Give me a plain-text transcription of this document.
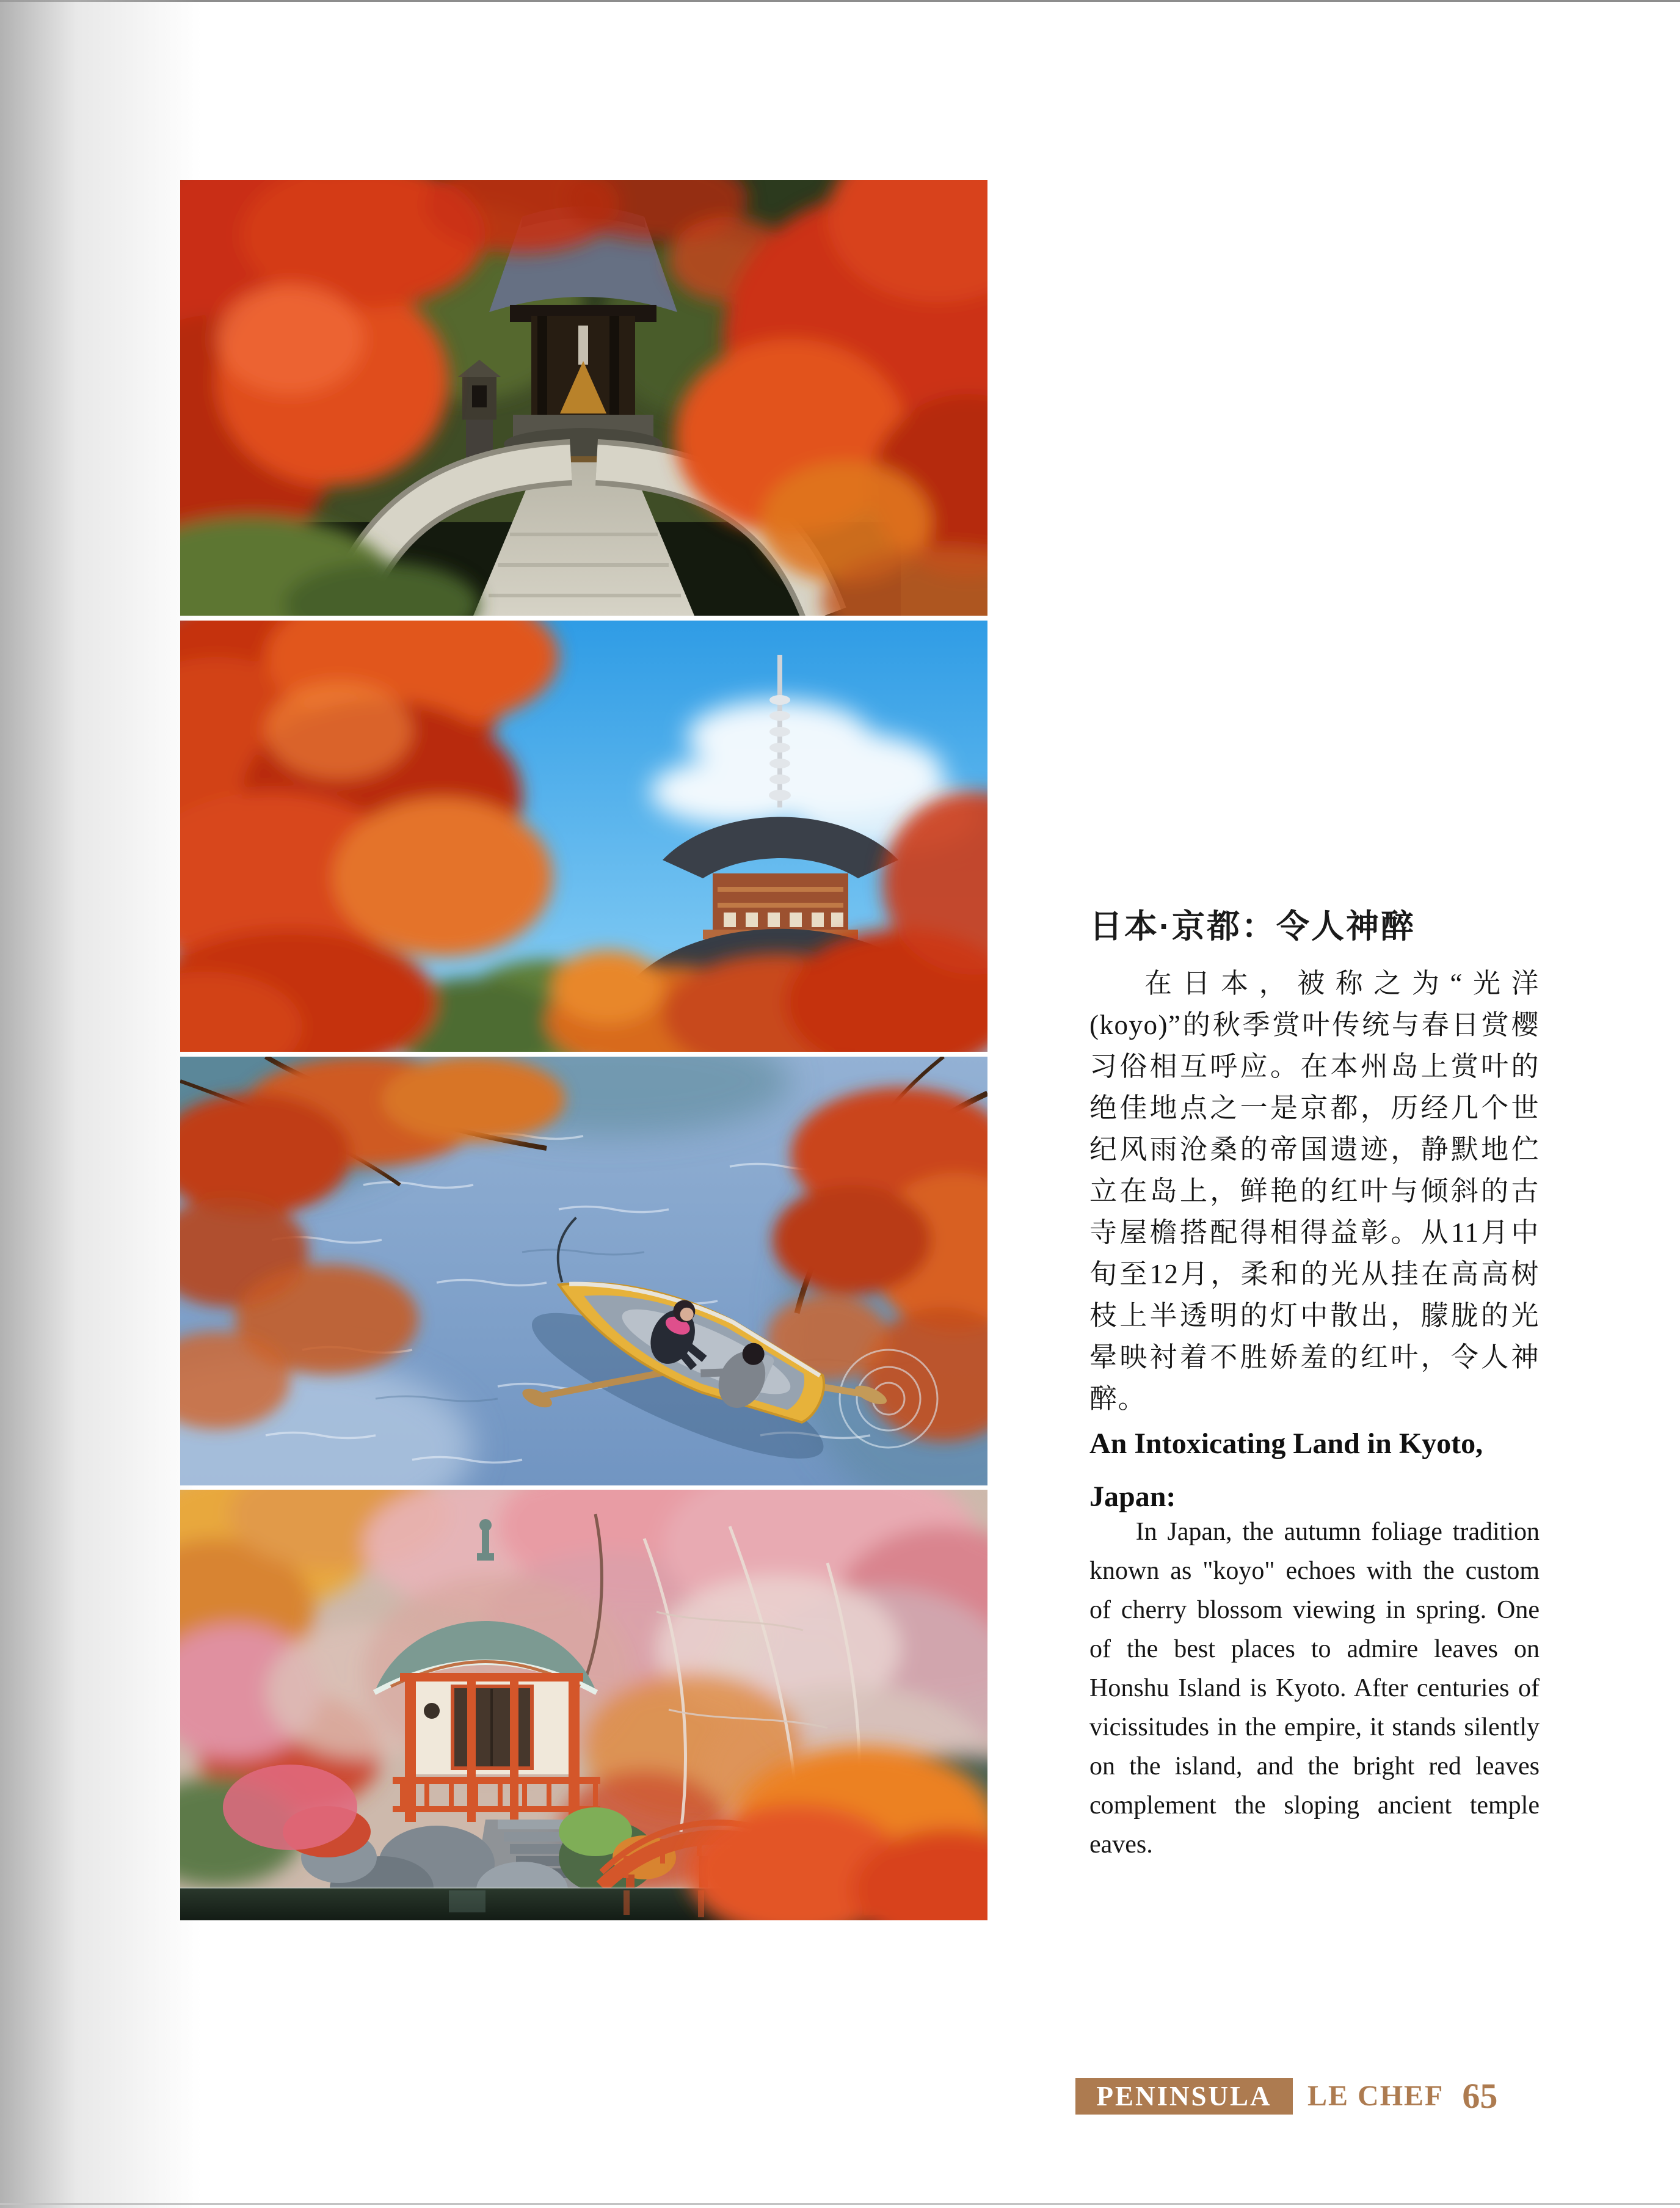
日本·京都：令人神醉

在日本，被称之为“光洋(koyo)”的秋季赏叶传统与春日赏樱习俗相互呼应。在本州岛上赏叶的绝佳地点之一是京都，历经几个世纪风雨沧桑的帝国遗迹，静默地伫立在岛上，鲜艳的红叶与倾斜的古寺屋檐搭配得相得益彰。从11月中旬至12月，柔和的光从挂在高高树枝上半透明的灯中散出，朦胧的光晕映衬着不胜娇羞的红叶，令人神醉。

An Intoxicating Land in Kyoto,
Japan:

In Japan, the autumn foliage tradition known as "koyo" echoes with the custom of cherry blossom viewing in spring. One of the best places to admire leaves on Honshu Island is Kyoto. After centuries of vicissitudes in the empire, it stands silently on the island, and the bright red leaves complement the sloping ancient temple eaves.

PENINSULA	LE CHEF 65
